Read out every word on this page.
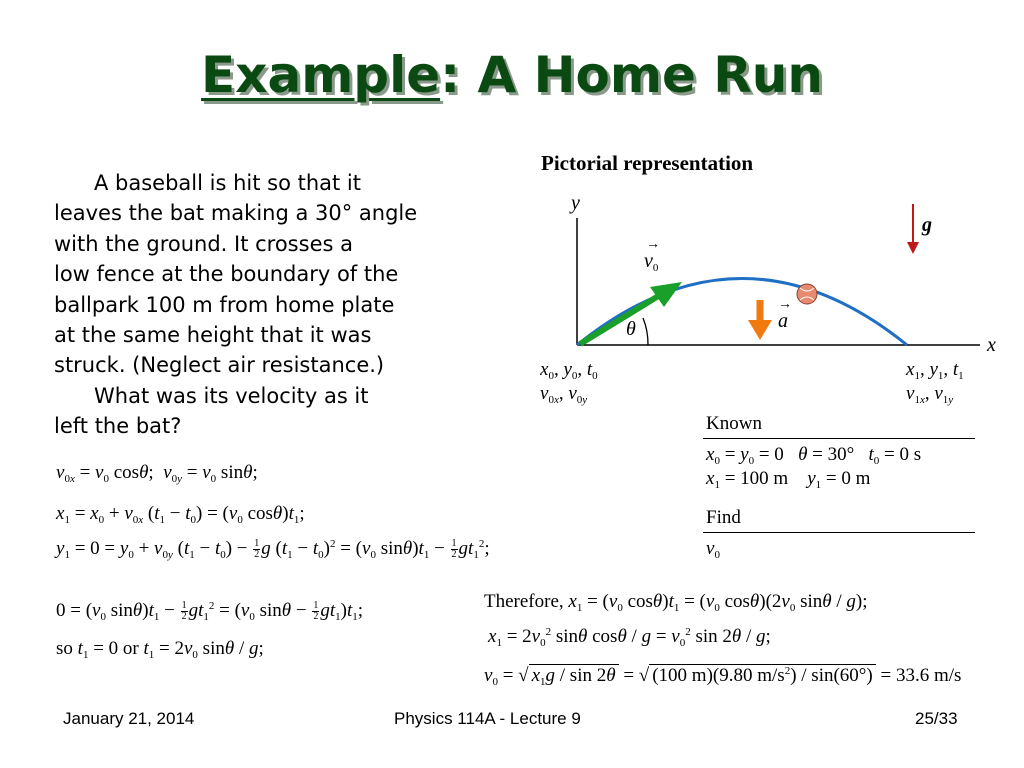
Example: A Home Run
A baseball is hit so that it
leaves the bat making a 30° angle
with the ground. It crosses a
low fence at the boundary of the
ballpark 100 m from home plate
at the same height that it was
struck. (Neglect air resistance.)
What was its velocity as it
left the bat?
Pictorial representation
$x_0$, $y_0$, $t_0$
$v_0x$, $v_0y$
$x_1$, $y_1$, $t_1$
$v_1x$, $v_1y$
y
x
g
→
$v_0$
→
a
θ
Known
$x_0 = y_0 = 0$   θ = 30°   $t_0 = 0$ s
$x_1 = 100$ m    $y_1 = 0$ m
Find
$v_0$
$v_{0x} = v_0$ cosθ;  $v_{0y} = v_0$ sinθ;
$x_1 = x_0 + v_{0x}$ $(t_1 - t_0) = (v_0$ $\cos\theta)t_1$;
$y_1 = 0 = y_0 + v_{0y}$ $(t_1 - t_0) - \frac{1}{2}$ g $(t_1 - t_0)^2 = (v_0$ $\sin\theta)t_1 - \frac{1}{2} gt_1^2$;
$0 = (v_0$ $\sin\theta)t_1 - \frac{1}{2} gt_1^2 = (v_0$ $\sin\theta - \frac{1}{2} gt_1)t_1$;
so $t_1 = 0$ or $t_1 = 2v_0$ sinθ / g;
Therefore, $x_1 = (v_0$ $\cos\theta)t_1 = (v_0$ $\cos\theta)(2v_0$ sinθ / g);
$x_1 = 2v_0^2$ sinθ $\cos\theta / g = v_0^2$ sin 2θ / g;
$v_0$ = √ $x_1g$ / sin 2θ = √ (100 m)(9.80 $m/s^2) / \sin(60^\circ) = 33.6$ m/s
January 21, 2014	Physics 114A - Lecture 9	25/33
